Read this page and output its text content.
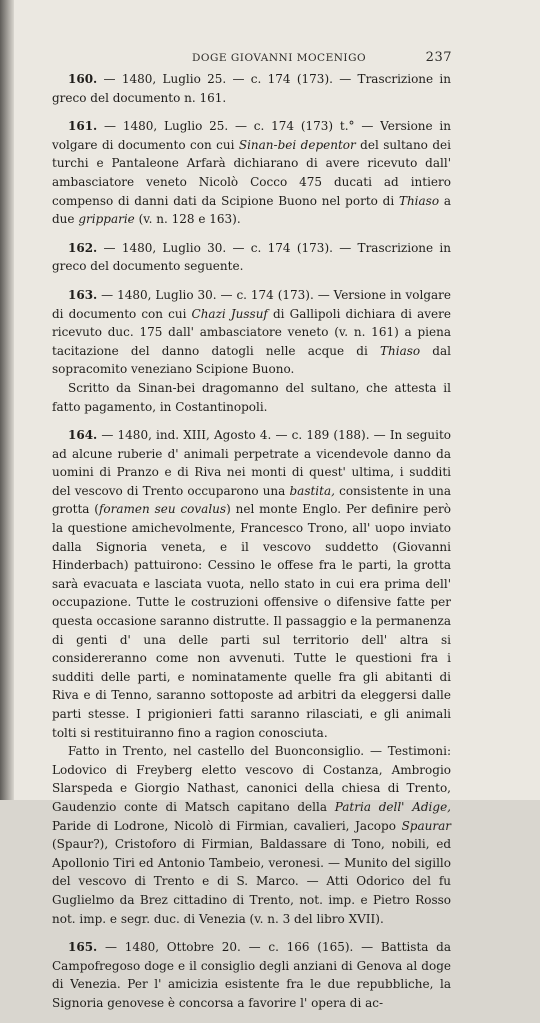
DOGE GIOVANNI MOCENIGO	237

160. — 1480, Luglio 25. — c. 174 (173). — Trascrizione in greco del documento n. 161.

161. — 1480, Luglio 25. — c. 174 (173) t.° — Versione in volgare di documento con cui Sinan-bei depentor del sultano dei turchi e Pantaleone Arfarà dichiarano di avere ricevuto dall' ambasciatore veneto Nicolò Cocco 475 ducati ad intiero compenso di danni dati da Scipione Buono nel porto di Thiaso a due gripparie (v. n. 128 e 163).

162. — 1480, Luglio 30. — c. 174 (173). — Trascrizione in greco del documento seguente.

163. — 1480, Luglio 30. — c. 174 (173). — Versione in volgare di documento con cui Chazi Jussuf di Gallipoli dichiara di avere ricevuto duc. 175 dall' ambasciatore veneto (v. n. 161) a piena tacitazione del danno datogli nelle acque di Thiaso dal sopracomito veneziano Scipione Buono.

Scritto da Sinan-bei dragomanno del sultano, che attesta il fatto pagamento, in Costantinopoli.

164. — 1480, ind. XIII, Agosto 4. — c. 189 (188). — In seguito ad alcune ruberie d' animali perpetrate a vicendevole danno da uomini di Pranzo e di Riva nei monti di quest' ultima, i sudditi del vescovo di Trento occuparono una bastita, consistente in una grotta (foramen seu covalus) nel monte Englo. Per definire però la questione amichevolmente, Francesco Trono, all' uopo inviato dalla Signoria veneta, e il vescovo suddetto (Giovanni Hinderbach) pattuirono: Cessino le offese fra le parti, la grotta sarà evacuata e lasciata vuota, nello stato in cui era prima dell' occupazione. Tutte le costruzioni offensive o difensive fatte per questa occasione saranno distrutte. Il passaggio e la permanenza di genti d' una delle parti sul territorio dell' altra si considereranno come non avvenuti. Tutte le questioni fra i sudditi delle parti, e nominatamente quelle fra gli abitanti di Riva e di Tenno, saranno sottoposte ad arbitri da eleggersi dalle parti stesse. I prigionieri fatti saranno rilasciati, e gli animali tolti si restituiranno fino a ragion conosciuta.

Fatto in Trento, nel castello del Buonconsiglio. — Testimoni: Lodovico di Freyberg eletto vescovo di Costanza, Ambrogio Slarspeda e Giorgio Nathast, canonici della chiesa di Trento, Gaudenzio conte di Matsch capitano della Patria dell' Adige, Paride di Lodrone, Nicolò di Firmian, cavalieri, Jacopo Spaurar (Spaur?), Cristoforo di Firmian, Baldassare di Tono, nobili, ed Apollonio Tiri ed Antonio Tambeio, veronesi. — Munito del sigillo del vescovo di Trento e di S. Marco. — Atti Odorico del fu Guglielmo da Brez cittadino di Trento, not. imp. e Pietro Rosso not. imp. e segr. duc. di Venezia (v. n. 3 del libro XVII).

165. — 1480, Ottobre 20. — c. 166 (165). — Battista da Campofregoso doge e il consiglio degli anziani di Genova al doge di Venezia. Per l' amicizia esistente fra le due repubbliche, la Signoria genovese è concorsa a favorire l' opera di ac-
